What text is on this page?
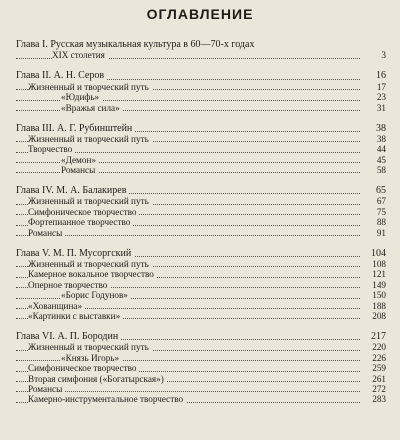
ОГЛАВЛЕНИЕ
Глава I. Русская музыкальная культура в 60—70-х годах
XIX столетия	3
Глава II. А. Н. Серов	16
Жизненный и творческий путь	17
«Юдифь»	23
«Вражья сила»	31
Глава III. А. Г. Рубинштейн	38
Жизненный и творческий путь	38
Творчество	44
«Демон»	45
Романсы	58
Глава IV. М. А. Балакирев	65
Жизненный и творческий путь	67
Симфоническое творчество	75
Фортепианное творчество	88
Романсы	91
Глава V. М. П. Мусоргский	104
Жизненный и творческий путь	108
Камерное вокальное творчество	121
Оперное творчество	149
«Борис Годунов»	150
«Хованщина»	188
«Картинки с выставки»	208
Глава VI. А. П. Бородин	217
Жизненный и творческий путь	220
«Князь Игорь»	226
Симфоническое творчество	259
Вторая симфония («Богатырская»)	261
Романсы	272
Камерно-инструментальное творчество	283
